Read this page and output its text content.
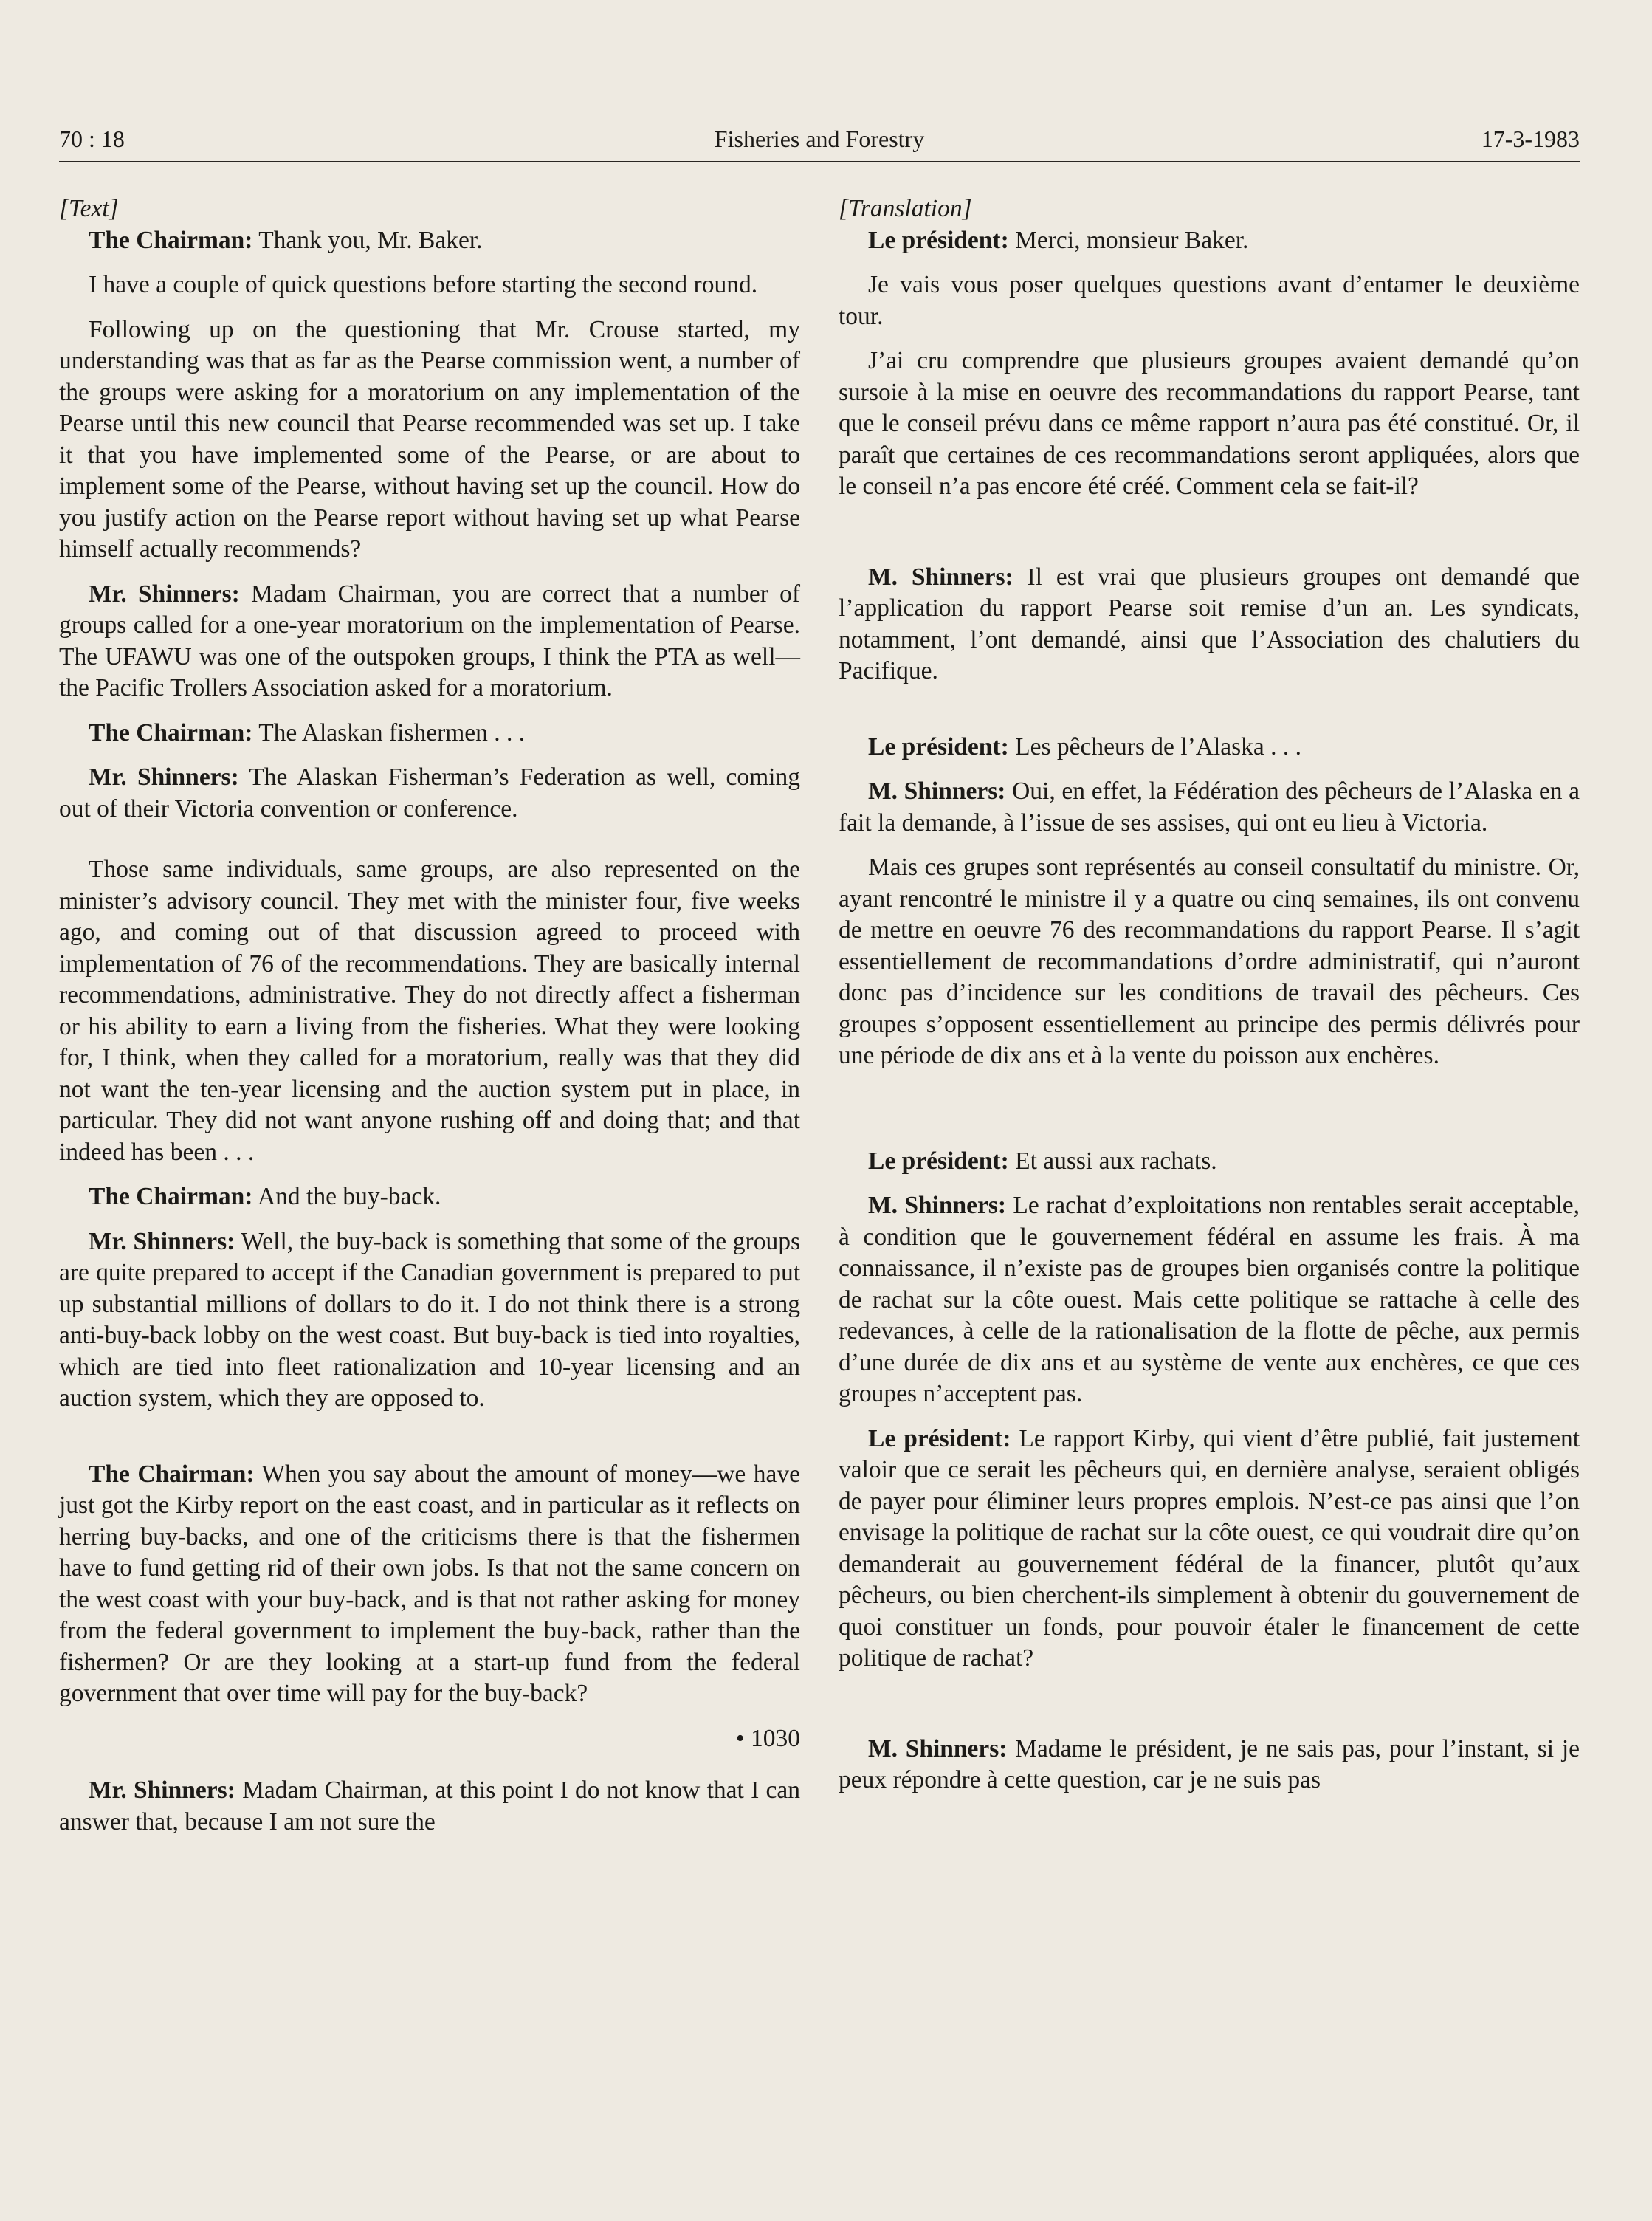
70 : 18	Fisheries and Forestry	17-3-1983

[Text]

The Chairman: Thank you, Mr. Baker.

I have a couple of quick questions before starting the second round.

Following up on the questioning that Mr. Crouse started, my understanding was that as far as the Pearse commission went, a number of the groups were asking for a moratorium on any implementation of the Pearse until this new council that Pearse recommended was set up. I take it that you have implemented some of the Pearse, or are about to implement some of the Pearse, without having set up the council. How do you justify action on the Pearse report without having set up what Pearse himself actually recommends?

Mr. Shinners: Madam Chairman, you are correct that a number of groups called for a one-year moratorium on the implementation of Pearse. The UFAWU was one of the outspoken groups, I think the PTA as well—the Pacific Trollers Association asked for a moratorium.

The Chairman: The Alaskan fishermen . . .

Mr. Shinners: The Alaskan Fisherman’s Federation as well, coming out of their Victoria convention or conference.

Those same individuals, same groups, are also represented on the minister’s advisory council. They met with the minister four, five weeks ago, and coming out of that discussion agreed to proceed with implementation of 76 of the recommendations. They are basically internal recommendations, administrative. They do not directly affect a fisherman or his ability to earn a living from the fisheries. What they were looking for, I think, when they called for a moratorium, really was that they did not want the ten-year licensing and the auction system put in place, in particular. They did not want anyone rushing off and doing that; and that indeed has been . . .

The Chairman: And the buy-back.

Mr. Shinners: Well, the buy-back is something that some of the groups are quite prepared to accept if the Canadian government is prepared to put up substantial millions of dollars to do it. I do not think there is a strong anti-buy-back lobby on the west coast. But buy-back is tied into royalties, which are tied into fleet rationalization and 10-year licensing and an auction system, which they are opposed to.

The Chairman: When you say about the amount of money—we have just got the Kirby report on the east coast, and in particular as it reflects on herring buy-backs, and one of the criticisms there is that the fishermen have to fund getting rid of their own jobs. Is that not the same concern on the west coast with your buy-back, and is that not rather asking for money from the federal government to implement the buy-back, rather than the fishermen? Or are they looking at a start-up fund from the federal government that over time will pay for the buy-back?

• 1030

Mr. Shinners: Madam Chairman, at this point I do not know that I can answer that, because I am not sure the

[Translation]

Le président: Merci, monsieur Baker.

Je vais vous poser quelques questions avant d’entamer le deuxième tour.

J’ai cru comprendre que plusieurs groupes avaient demandé qu’on sursoie à la mise en oeuvre des recommandations du rapport Pearse, tant que le conseil prévu dans ce même rapport n’aura pas été constitué. Or, il paraît que certaines de ces recommandations seront appliquées, alors que le conseil n’a pas encore été créé. Comment cela se fait-il?

M. Shinners: Il est vrai que plusieurs groupes ont demandé que l’application du rapport Pearse soit remise d’un an. Les syndicats, notamment, l’ont demandé, ainsi que l’Association des chalutiers du Pacifique.

Le président: Les pêcheurs de l’Alaska . . .

M. Shinners: Oui, en effet, la Fédération des pêcheurs de l’Alaska en a fait la demande, à l’issue de ses assises, qui ont eu lieu à Victoria.

Mais ces grupes sont représentés au conseil consultatif du ministre. Or, ayant rencontré le ministre il y a quatre ou cinq semaines, ils ont convenu de mettre en oeuvre 76 des recommandations du rapport Pearse. Il s’agit essentiellement de recommandations d’ordre administratif, qui n’auront donc pas d’incidence sur les conditions de travail des pêcheurs. Ces groupes s’opposent essentiellement au principe des permis délivrés pour une période de dix ans et à la vente du poisson aux enchères.

Le président: Et aussi aux rachats.

M. Shinners: Le rachat d’exploitations non rentables serait acceptable, à condition que le gouvernement fédéral en assume les frais. À ma connaissance, il n’existe pas de groupes bien organisés contre la politique de rachat sur la côte ouest. Mais cette politique se rattache à celle des redevances, à celle de la rationalisation de la flotte de pêche, aux permis d’une durée de dix ans et au système de vente aux enchères, ce que ces groupes n’acceptent pas.

Le président: Le rapport Kirby, qui vient d’être publié, fait justement valoir que ce serait les pêcheurs qui, en dernière analyse, seraient obligés de payer pour éliminer leurs propres emplois. N’est-ce pas ainsi que l’on envisage la politique de rachat sur la côte ouest, ce qui voudrait dire qu’on demanderait au gouvernement fédéral de la financer, plutôt qu’aux pêcheurs, ou bien cherchent-ils simplement à obtenir du gouvernement de quoi constituer un fonds, pour pouvoir étaler le financement de cette politique de rachat?

M. Shinners: Madame le président, je ne sais pas, pour l’instant, si je peux répondre à cette question, car je ne suis pas
